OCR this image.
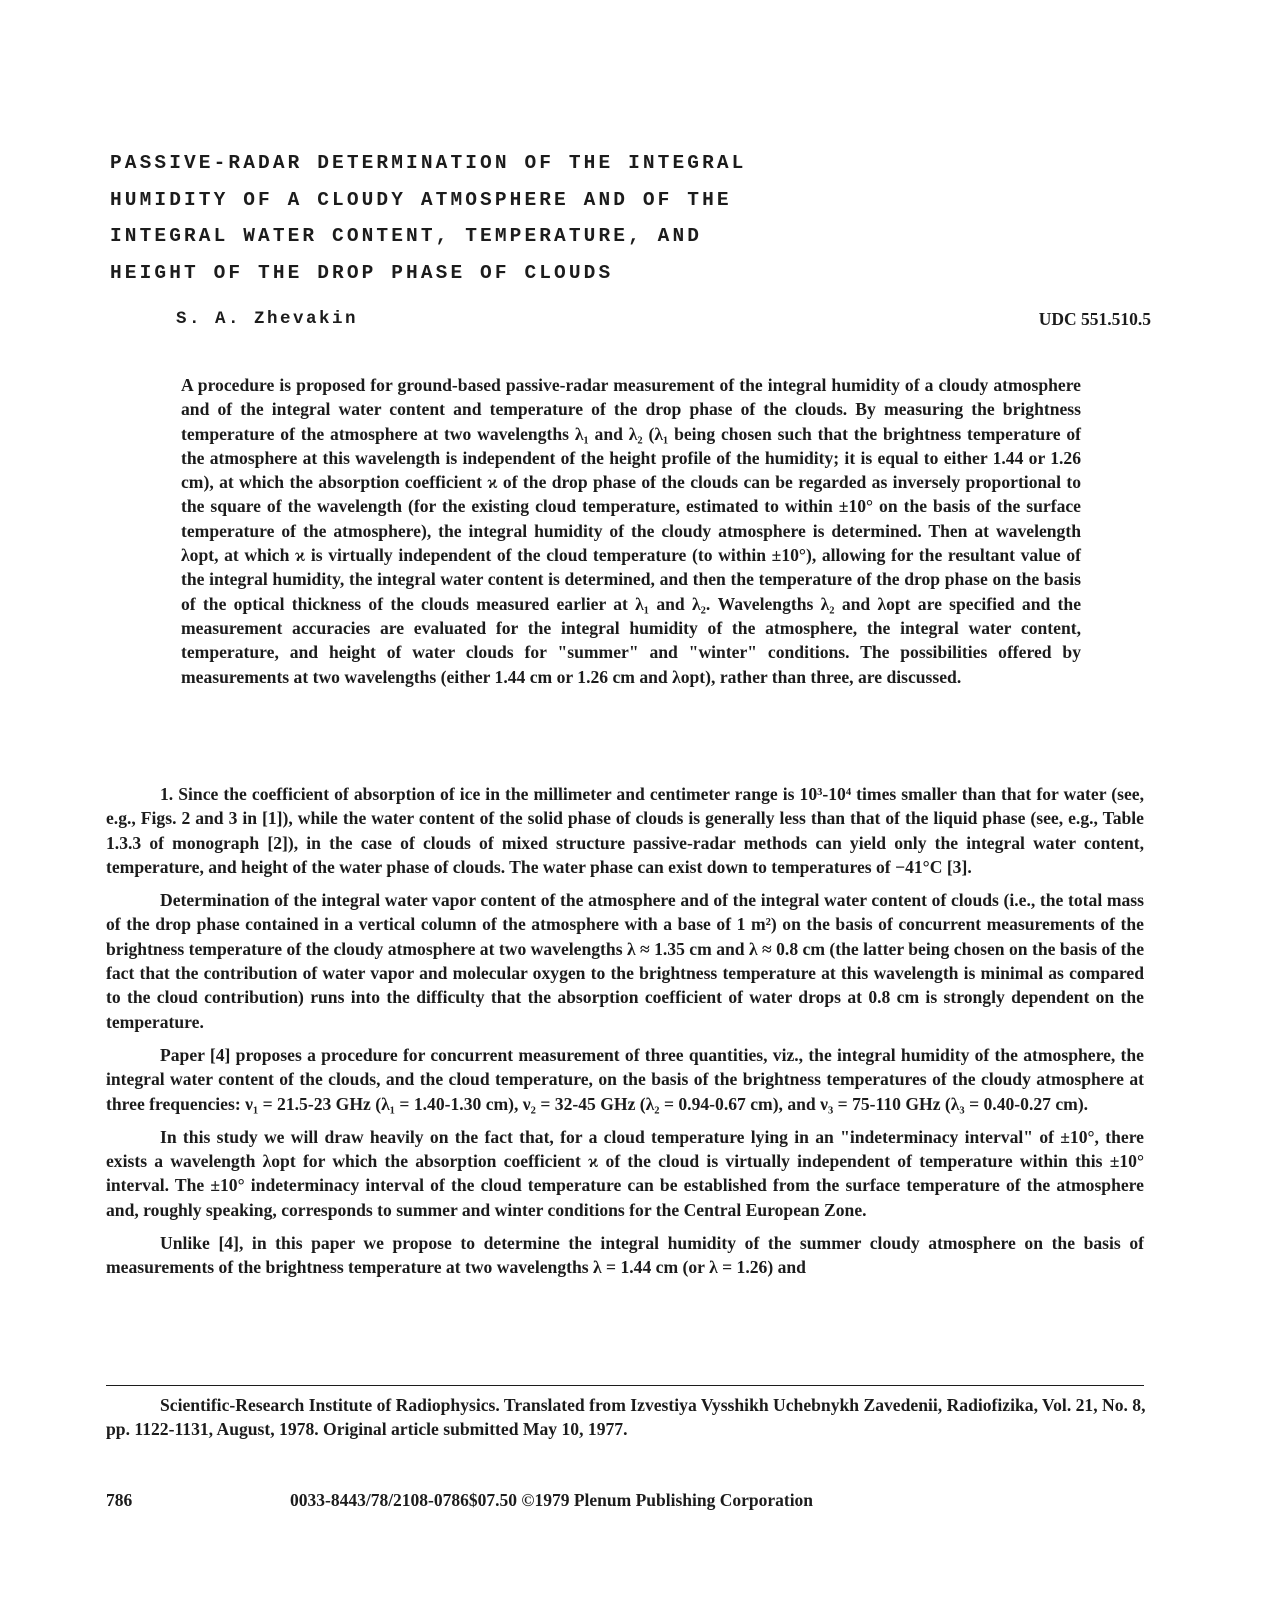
PASSIVE-RADAR DETERMINATION OF THE INTEGRAL
HUMIDITY OF A CLOUDY ATMOSPHERE AND OF THE
INTEGRAL WATER CONTENT, TEMPERATURE, AND
HEIGHT OF THE DROP PHASE OF CLOUDS
S. A. Zhevakin	UDC 551.510.5
A procedure is proposed for ground-based passive-radar measurement of the integral humidity of a cloudy atmosphere and of the integral water content and temperature of the drop phase of the clouds. By measuring the brightness temperature of the atmosphere at two wavelengths λ₁ and λ₂ (λ₁ being chosen such that the brightness temperature of the atmosphere at this wavelength is independent of the height profile of the humidity; it is equal to either 1.44 or 1.26 cm), at which the absorption coefficient ϰ of the drop phase of the clouds can be regarded as inversely proportional to the square of the wavelength (for the existing cloud temperature, estimated to within ±10° on the basis of the surface temperature of the atmosphere), the integral humidity of the cloudy atmosphere is determined. Then at wavelength λopt, at which ϰ is virtually independent of the cloud temperature (to within ±10°), allowing for the resultant value of the integral humidity, the integral water content is determined, and then the temperature of the drop phase on the basis of the optical thickness of the clouds measured earlier at λ₁ and λ₂. Wavelengths λ₂ and λopt are specified and the measurement accuracies are evaluated for the integral humidity of the atmosphere, the integral water content, temperature, and height of water clouds for "summer" and "winter" conditions. The possibilities offered by measurements at two wavelengths (either 1.44 cm or 1.26 cm and λopt), rather than three, are discussed.

1. Since the coefficient of absorption of ice in the millimeter and centimeter range is 10³-10⁴ times smaller than that for water (see, e.g., Figs. 2 and 3 in [1]), while the water content of the solid phase of clouds is generally less than that of the liquid phase (see, e.g., Table 1.3.3 of monograph [2]), in the case of clouds of mixed structure passive-radar methods can yield only the integral water content, temperature, and height of the water phase of clouds. The water phase can exist down to temperatures of −41°C [3].

Determination of the integral water vapor content of the atmosphere and of the integral water content of clouds (i.e., the total mass of the drop phase contained in a vertical column of the atmosphere with a base of 1 m²) on the basis of concurrent measurements of the brightness temperature of the cloudy atmosphere at two wavelengths λ ≈ 1.35 cm and λ ≈ 0.8 cm (the latter being chosen on the basis of the fact that the contribution of water vapor and molecular oxygen to the brightness temperature at this wavelength is minimal as compared to the cloud contribution) runs into the difficulty that the absorption coefficient of water drops at 0.8 cm is strongly dependent on the temperature.

Paper [4] proposes a procedure for concurrent measurement of three quantities, viz., the integral humidity of the atmosphere, the integral water content of the clouds, and the cloud temperature, on the basis of the brightness temperatures of the cloudy atmosphere at three frequencies: ν₁ = 21.5-23 GHz (λ₁ = 1.40-1.30 cm), ν₂ = 32-45 GHz (λ₂ = 0.94-0.67 cm), and ν₃ = 75-110 GHz (λ₃ = 0.40-0.27 cm).

In this study we will draw heavily on the fact that, for a cloud temperature lying in an "indeterminacy interval" of ±10°, there exists a wavelength λopt for which the absorption coefficient ϰ of the cloud is virtually independent of temperature within this ±10° interval. The ±10° indeterminacy interval of the cloud temperature can be established from the surface temperature of the atmosphere and, roughly speaking, corresponds to summer and winter conditions for the Central European Zone.

Unlike [4], in this paper we propose to determine the integral humidity of the summer cloudy atmosphere on the basis of measurements of the brightness temperature at two wavelengths λ = 1.44 cm (or λ = 1.26) and

Scientific-Research Institute of Radiophysics. Translated from Izvestiya Vysshikh Uchebnykh Zavedenii, Radiofizika, Vol. 21, No. 8, pp. 1122-1131, August, 1978. Original article submitted May 10, 1977.
786	0033-8443/78/2108-0786$07.50 ©1979 Plenum Publishing Corporation
